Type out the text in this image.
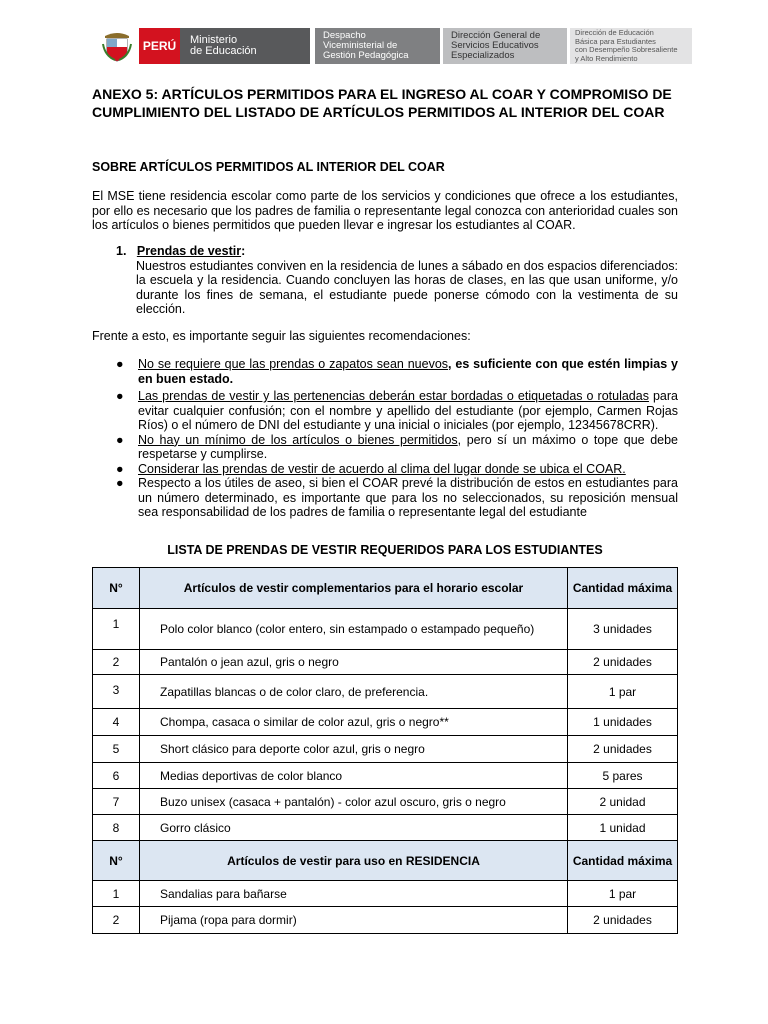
PERÚ	Ministerio
de Educación
Despacho
Viceministerial de
Gestión Pedagógica
Dirección General de
Servicios Educativos
Especializados
Dirección de Educación
Básica para Estudiantes
con Desempeño Sobresaliente
y Alto Rendimiento
ANEXO 5: ARTÍCULOS PERMITIDOS PARA EL INGRESO AL COAR Y COMPROMISO DE CUMPLIMIENTO DEL LISTADO DE ARTÍCULOS PERMITIDOS AL INTERIOR DEL COAR
SOBRE ARTÍCULOS PERMITIDOS AL INTERIOR DEL COAR

El MSE tiene residencia escolar como parte de los servicios y condiciones que ofrece a los estudiantes, por ello es necesario que los padres de familia o representante legal conozca con anterioridad cuales son los artículos o bienes permitidos que pueden llevar e ingresar los estudiantes al COAR.

1. Prendas de vestir:
Nuestros estudiantes conviven en la residencia de lunes a sábado en dos espacios diferenciados: la escuela y la residencia. Cuando concluyen las horas de clases, en las que usan uniforme, y/o durante los fines de semana, el estudiante puede ponerse cómodo con la vestimenta de su elección.

Frente a esto, es importante seguir las siguientes recomendaciones:

● No se requiere que las prendas o zapatos sean nuevos, es suficiente con que estén limpias y en buen estado.
● Las prendas de vestir y las pertenencias deberán estar bordadas o etiquetadas o rotuladas para evitar cualquier confusión; con el nombre y apellido del estudiante (por ejemplo, Carmen Rojas Ríos) o el número de DNI del estudiante y una inicial o iniciales (por ejemplo, 12345678CRR).
● No hay un mínimo de los artículos o bienes permitidos, pero sí un máximo o tope que debe respetarse y cumplirse.
● Considerar las prendas de vestir de acuerdo al clima del lugar donde se ubica el COAR.
● Respecto a los útiles de aseo, si bien el COAR prevé la distribución de estos en estudiantes para un número determinado, es importante que para los no seleccionados, su reposición mensual sea responsabilidad de los padres de familia o representante legal del estudiante

LISTA DE PRENDAS DE VESTIR REQUERIDOS PARA LOS ESTUDIANTES

N°	Artículos de vestir complementarios para el horario escolar	Cantidad máxima
1	Polo color blanco (color entero, sin estampado o estampado pequeño)	3 unidades
2	Pantalón o jean azul, gris o negro	2 unidades
3	Zapatillas blancas o de color claro, de preferencia.	1 par
4	Chompa, casaca o similar de color azul, gris o negro**	1 unidades
5	Short clásico para deporte color azul, gris o negro	2 unidades
6	Medias deportivas de color blanco	5 pares
7	Buzo unisex (casaca + pantalón) - color azul oscuro, gris o negro	2 unidad
8	Gorro clásico	1 unidad
N°	Artículos de vestir para uso en RESIDENCIA	Cantidad máxima
1	Sandalias para bañarse	1 par
2	Pijama (ropa para dormir)	2 unidades
